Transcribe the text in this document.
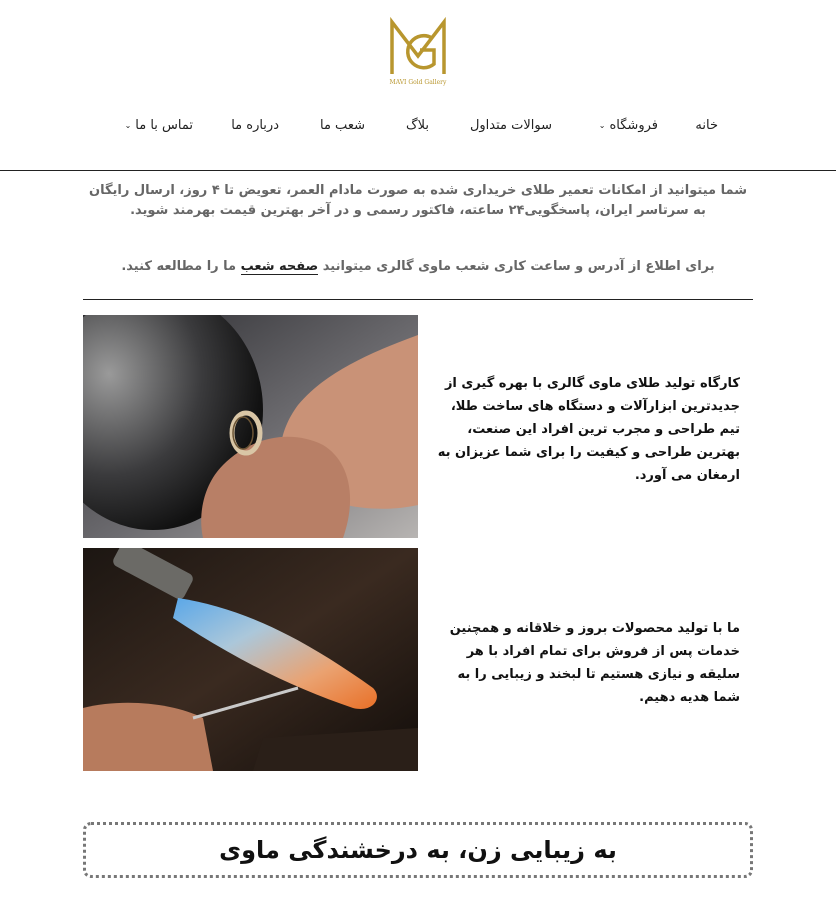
MAVI Gold Gallery
خانه
فروشگاه⌄
سوالات متداول
بلاگ
شعب ما
درباره ما
تماس با ما⌄

شما میتوانید از امکانات تعمیر طلای خریداری شده به صورت مادام العمر، تعویض تا ۴ روز، ارسال رایگان به سرتاسر ایران، پاسخگویی۲۴ ساعته، فاکتور رسمی و در آخر بهترین قیمت بهرمند شوید.

برای اطلاع از آدرس و ساعت کاری شعب ماوی گالری میتوانید صفحه شعب ما را مطالعه کنید.

کارگاه تولید طلای ماوی گالری با بهره گیری از جدیدترین ابزارآلات و دستگاه های ساخت طلا، تیم طراحی و مجرب ترین افراد این صنعت، بهترین طراحی و کیفیت را برای شما عزیزان به ارمغان می آورد.

ما با تولید محصولات بروز و خلاقانه و همچنین خدمات پس از فروش برای تمام افراد با هر سلیقه و نیازی هستیم تا لبخند و زیبایی را به شما هدیه دهیم.

به زیبایی زن، به درخشندگی ماوی
